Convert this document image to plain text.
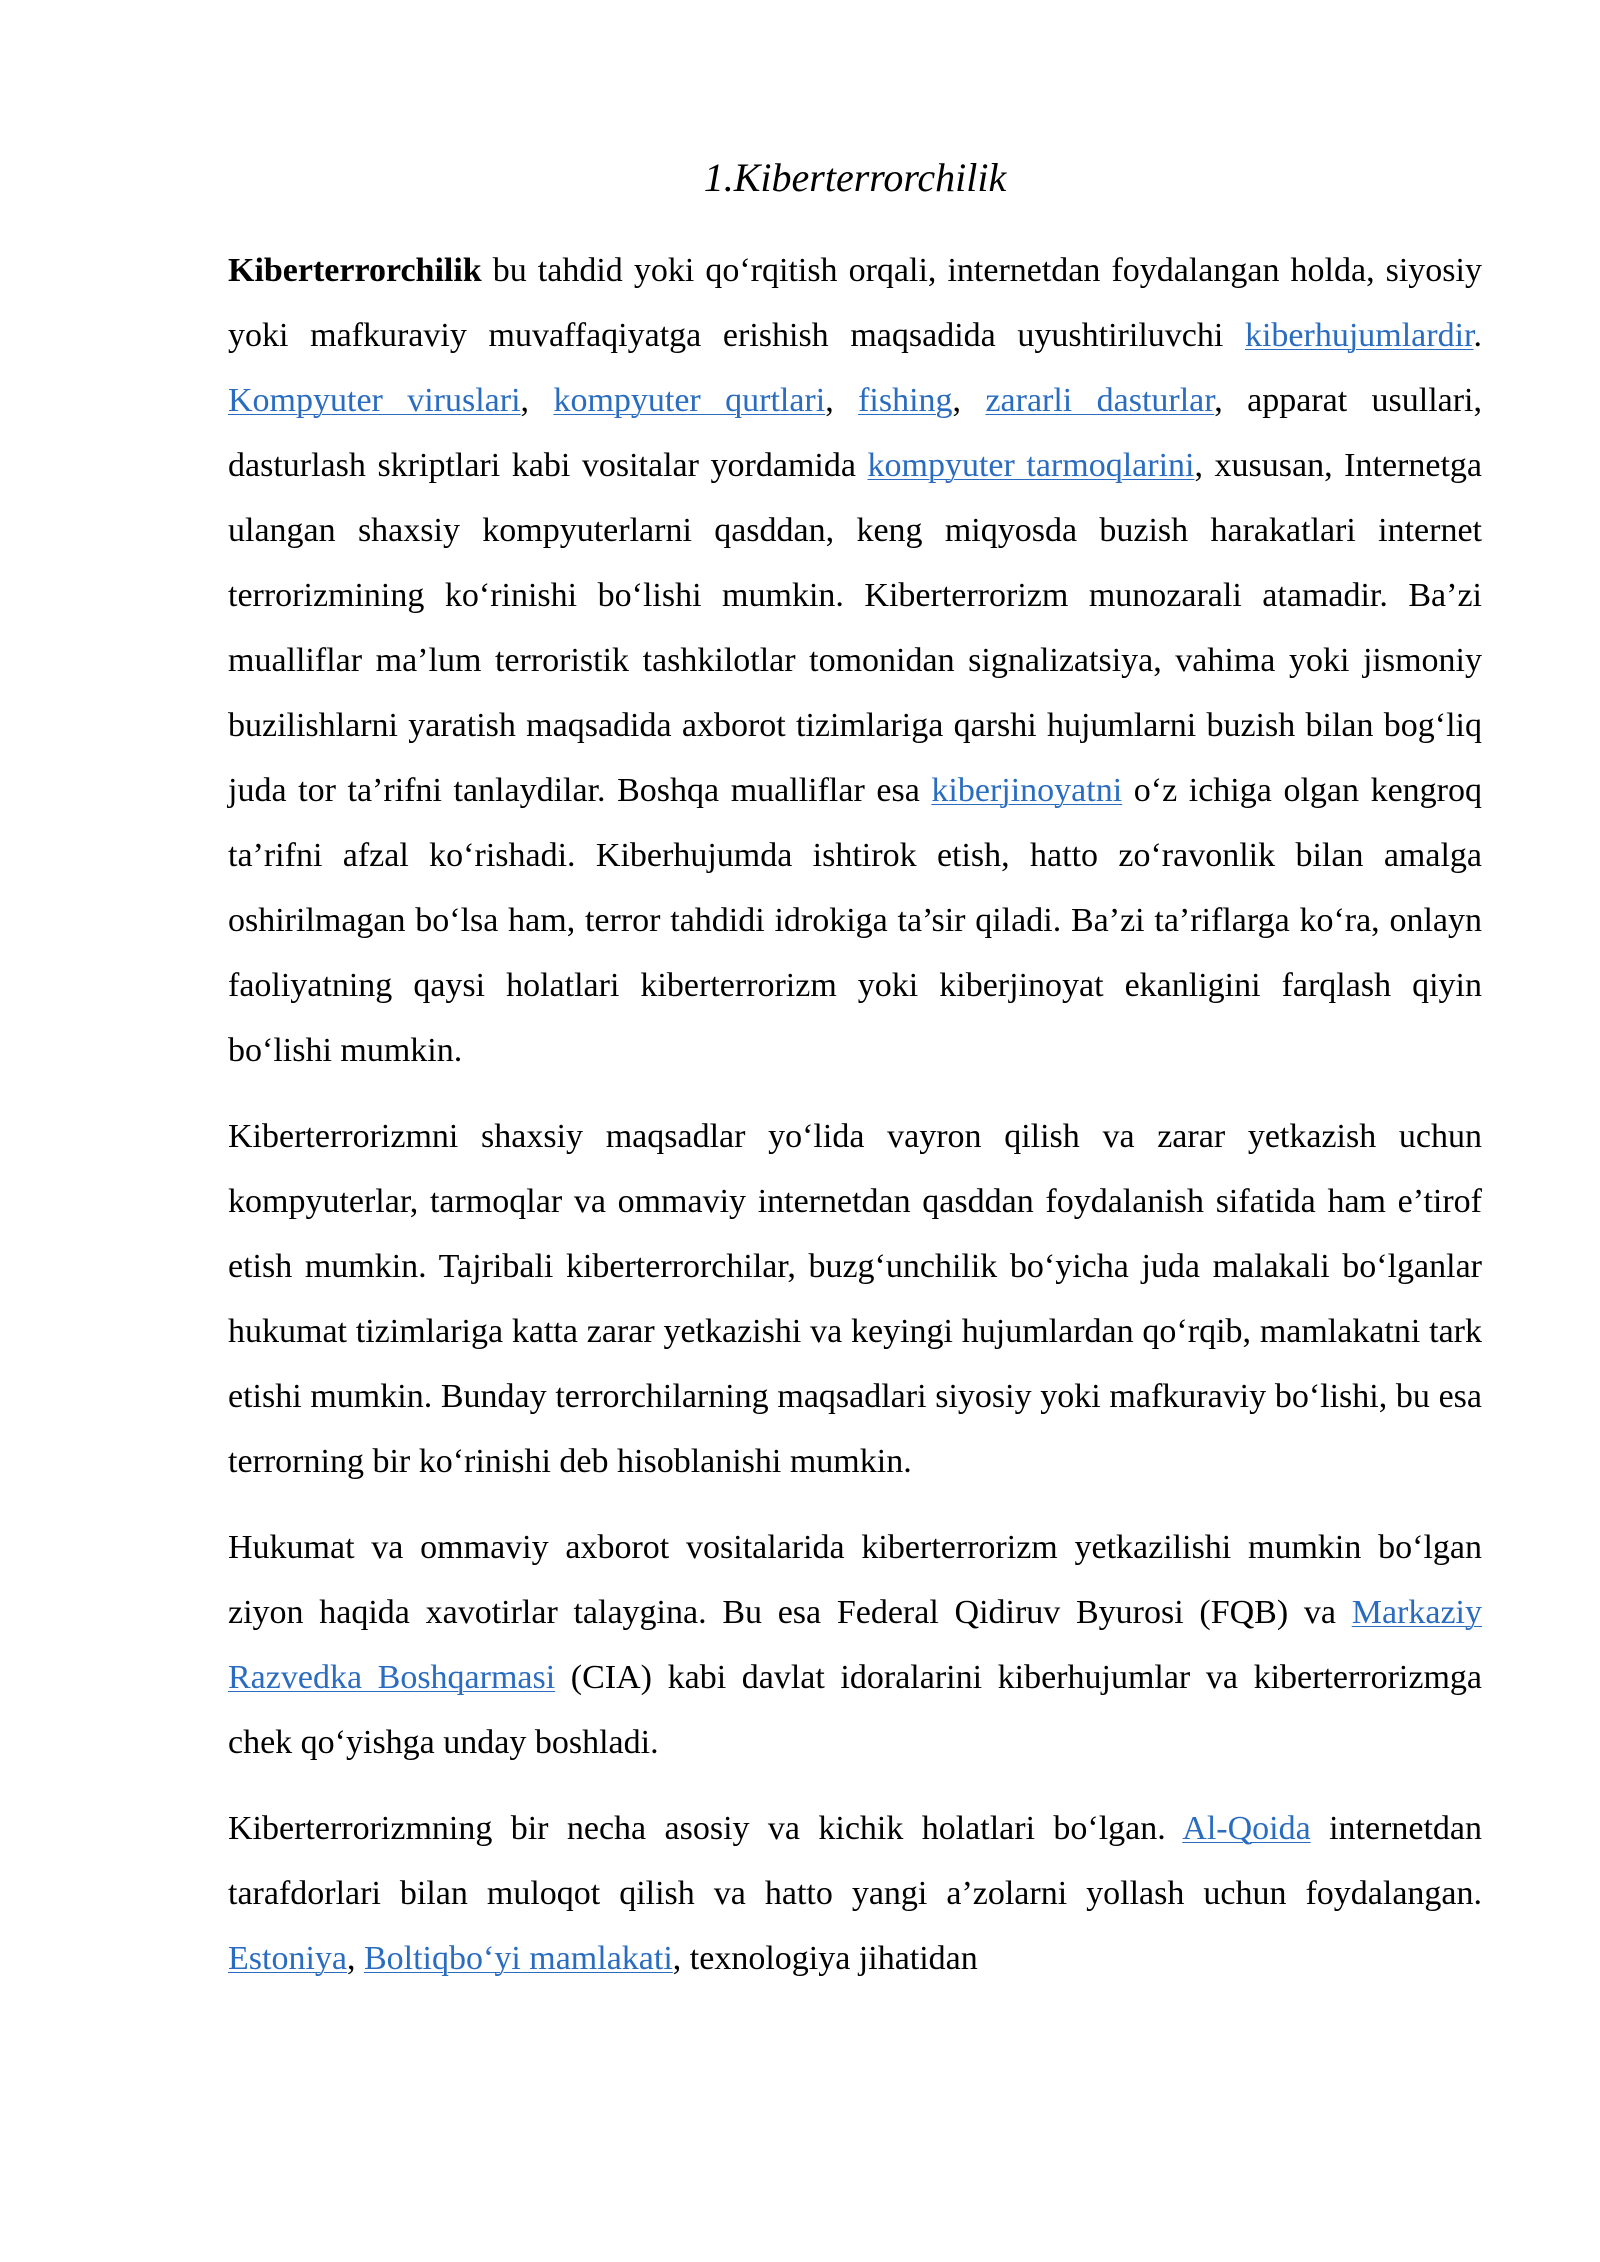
1.Kiberterrorchilik

Kiberterrorchilik bu tahdid yoki qo‘rqitish orqali, internetdan foydalangan holda, siyosiy yoki mafkuraviy muvaffaqiyatga erishish maqsadida uyushtiriluvchi kiberhujumlardir. Kompyuter viruslari, kompyuter qurtlari, fishing, zararli dasturlar, apparat usullari, dasturlash skriptlari kabi vositalar yordamida kompyuter tarmoqlarini, xususan, Internetga ulangan shaxsiy kompyuterlarni qasddan, keng miqyosda buzish harakatlari internet terrorizmining ko‘rinishi bo‘lishi mumkin. Kiberterrorizm munozarali atamadir. Ba’zi mualliflar ma’lum terroristik tashkilotlar tomonidan signalizatsiya, vahima yoki jismoniy buzilishlarni yaratish maqsadida axborot tizimlariga qarshi hujumlarni buzish bilan bog‘liq juda tor ta’rifni tanlaydilar. Boshqa mualliflar esa kiberjinoyatni o‘z ichiga olgan kengroq ta’rifni afzal ko‘rishadi. Kiberhujumda ishtirok etish, hatto zo‘ravonlik bilan amalga oshirilmagan bo‘lsa ham, terror tahdidi idrokiga ta’sir qiladi. Ba’zi ta’riflarga ko‘ra, onlayn faoliyatning qaysi holatlari kiberterrorizm yoki kiberjinoyat ekanligini farqlash qiyin bo‘lishi mumkin.

Kiberterrorizmni shaxsiy maqsadlar yo‘lida vayron qilish va zarar yetkazish uchun kompyuterlar, tarmoqlar va ommaviy internetdan qasddan foydalanish sifatida ham e’tirof etish mumkin. Tajribali kiberterrorchilar, buzg‘unchilik bo‘yicha juda malakali bo‘lganlar hukumat tizimlariga katta zarar yetkazishi va keyingi hujumlardan qo‘rqib, mamlakatni tark etishi mumkin. Bunday terrorchilarning maqsadlari siyosiy yoki mafkuraviy bo‘lishi, bu esa terrorning bir ko‘rinishi deb hisoblanishi mumkin.

Hukumat va ommaviy axborot vositalarida kiberterrorizm yetkazilishi mumkin bo‘lgan ziyon haqida xavotirlar talaygina. Bu esa Federal Qidiruv Byurosi (FQB) va Markaziy Razvedka Boshqarmasi (CIA) kabi davlat idoralarini kiberhujumlar va kiberterrorizmga chek qo‘yishga unday boshladi.

Kiberterrorizmning bir necha asosiy va kichik holatlari bo‘lgan. Al-Qoida internetdan tarafdorlari bilan muloqot qilish va hatto yangi a’zolarni yollash uchun foydalangan. Estoniya, Boltiqbo‘yi mamlakati, texnologiya jihatidan
